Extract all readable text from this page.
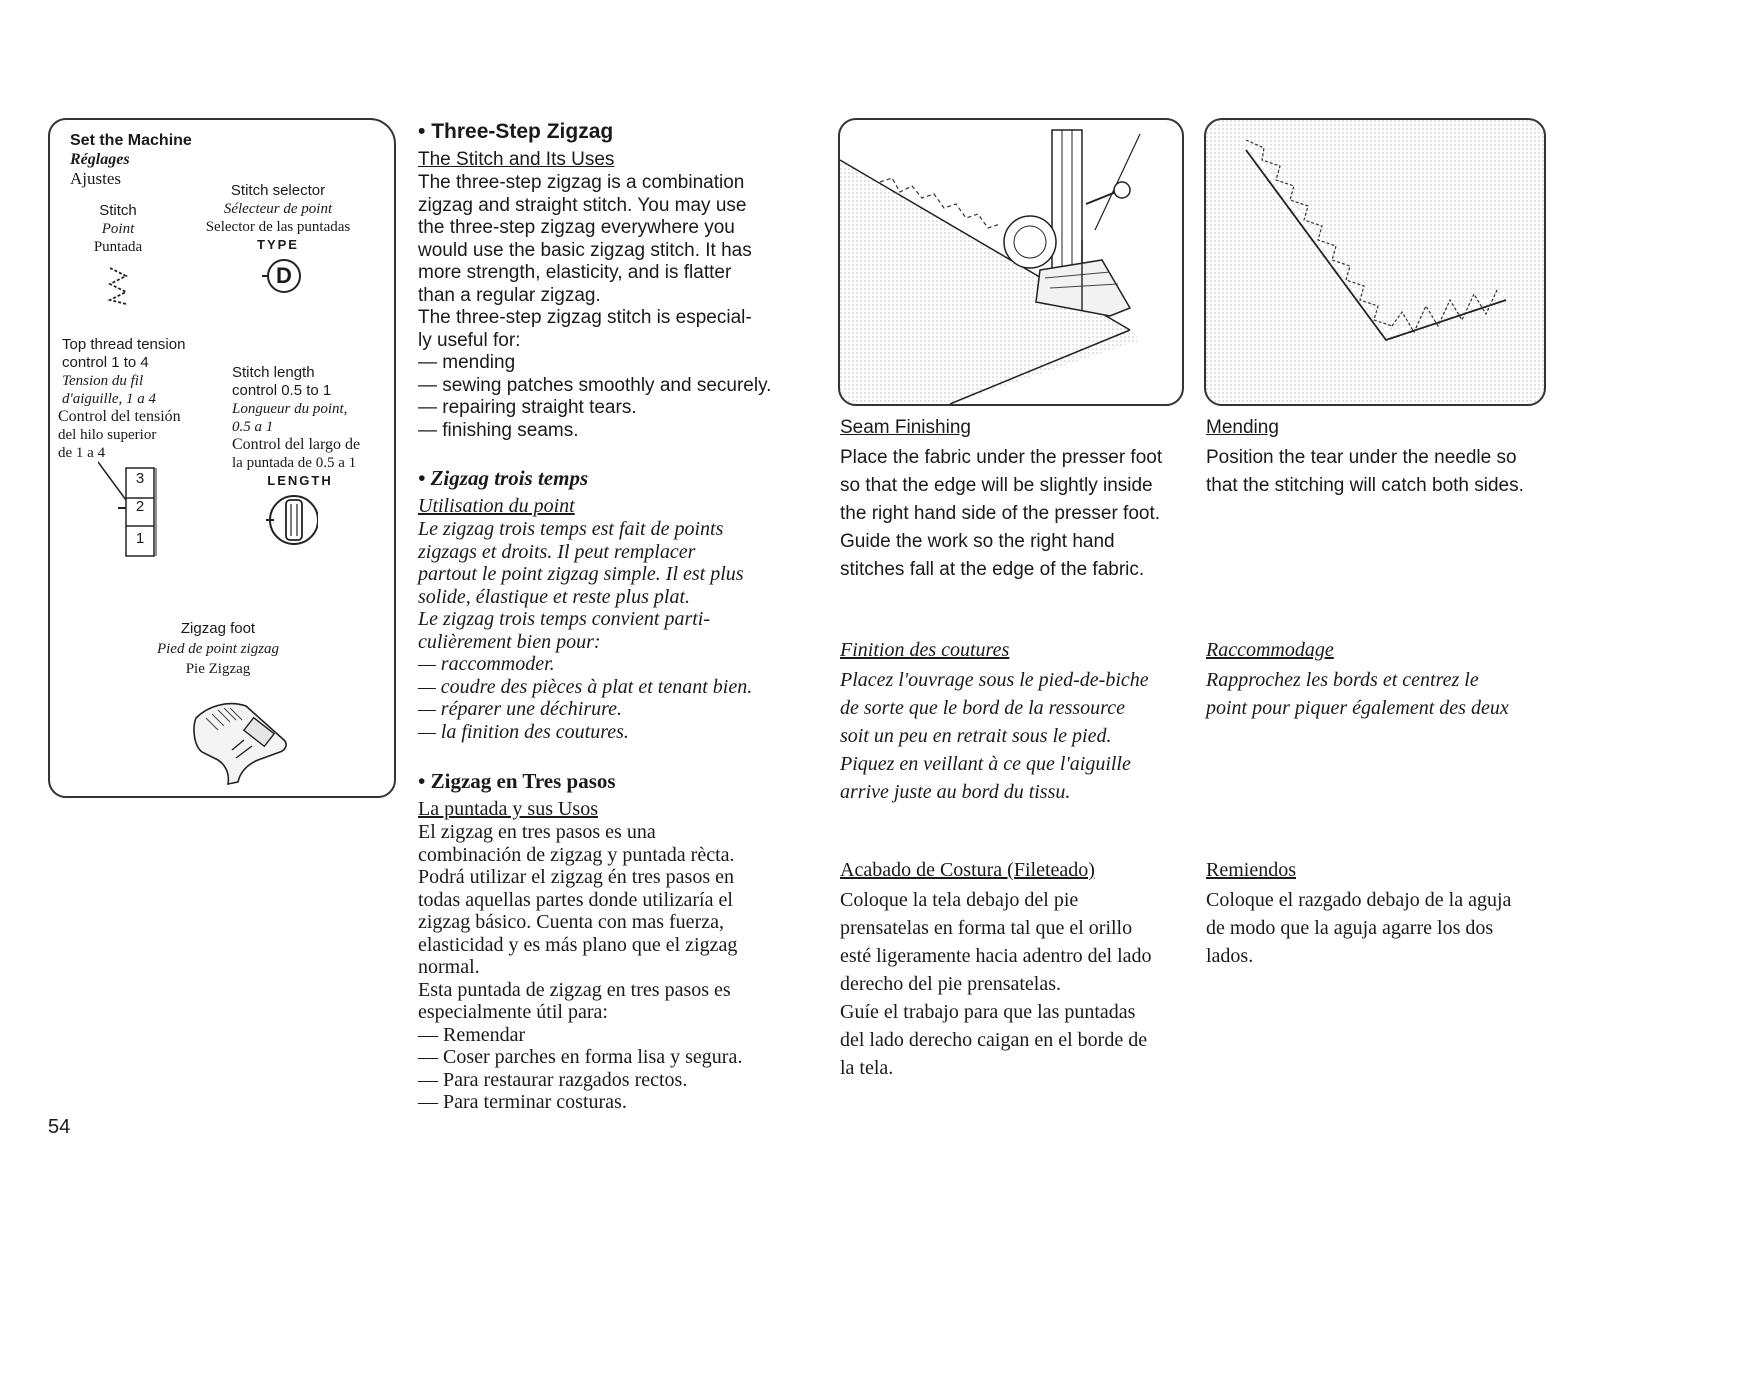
Set the Machine
Réglages
Ajustes
Stitch
Point
Puntada
Stitch selector
Sélecteur de point
Selector de las puntadas
TYPE
D
Top thread tension
control 1 to 4
Tension du fil
d'aiguille, 1 a 4
Control del tensión
del hilo superior
de 1 a 4
3
2
1
Stitch length
control 0.5 to 1
Longueur du point,
0.5 a 1
Control del largo de
la puntada de 0.5 a 1
LENGTH
Zigzag foot
Pied de point zigzag
Pie Zigzag
• Three-Step Zigzag
The Stitch and Its Uses
The three-step zigzag is a combination
zigzag and straight stitch. You may use
the three-step zigzag everywhere you
would use the basic zigzag stitch. It has
more strength, elasticity, and is flatter
than a regular zigzag.
The three-step zigzag stitch is especial-
ly useful for:
— mending
— sewing patches smoothly and securely.
— repairing straight tears.
— finishing seams.
• Zigzag trois temps
Utilisation du point
Le zigzag trois temps est fait de points
zigzags et droits. Il peut remplacer
partout le point zigzag simple. Il est plus
solide, élastique et reste plus plat.
Le zigzag trois temps convient parti-
culièrement bien pour:
— raccommoder.
— coudre des pièces à plat et tenant bien.
— réparer une déchirure.
— la finition des coutures.
• Zigzag en Tres pasos
La puntada y sus Usos
El zigzag en tres pasos es una
combinación de zigzag y puntada rècta.
Podrá utilizar el zigzag én tres pasos en
todas aquellas partes donde utilizaría el
zigzag básico. Cuenta con mas fuerza,
elasticidad y es más plano que el zigzag
normal.
Esta puntada de zigzag en tres pasos es
especialmente útil para:
— Remendar
— Coser parches en forma lisa y segura.
— Para restaurar razgados rectos.
— Para terminar costuras.
Seam Finishing
Place the fabric under the presser foot
so that the edge will be slightly inside
the right hand side of the presser foot.
Guide the work so the right hand
stitches fall at the edge of the fabric.
Finition des coutures
Placez l'ouvrage sous le pied-de-biche
de sorte que le bord de la ressource
soit un peu en retrait sous le pied.
Piquez en veillant à ce que l'aiguille
arrive juste au bord du tissu.
Acabado de Costura (Fileteado)
Coloque la tela debajo del pie
prensatelas en forma tal que el orillo
esté ligeramente hacia adentro del lado
derecho del pie prensatelas.
Guíe el trabajo para que las puntadas
del lado derecho caigan en el borde de
la tela.
Mending
Position the tear under the needle so
that the stitching will catch both sides.
Raccommodage
Rapprochez les bords et centrez le
point pour piquer également des deux
Remiendos
Coloque el razgado debajo de la aguja
de modo que la aguja agarre los dos
lados.
54
